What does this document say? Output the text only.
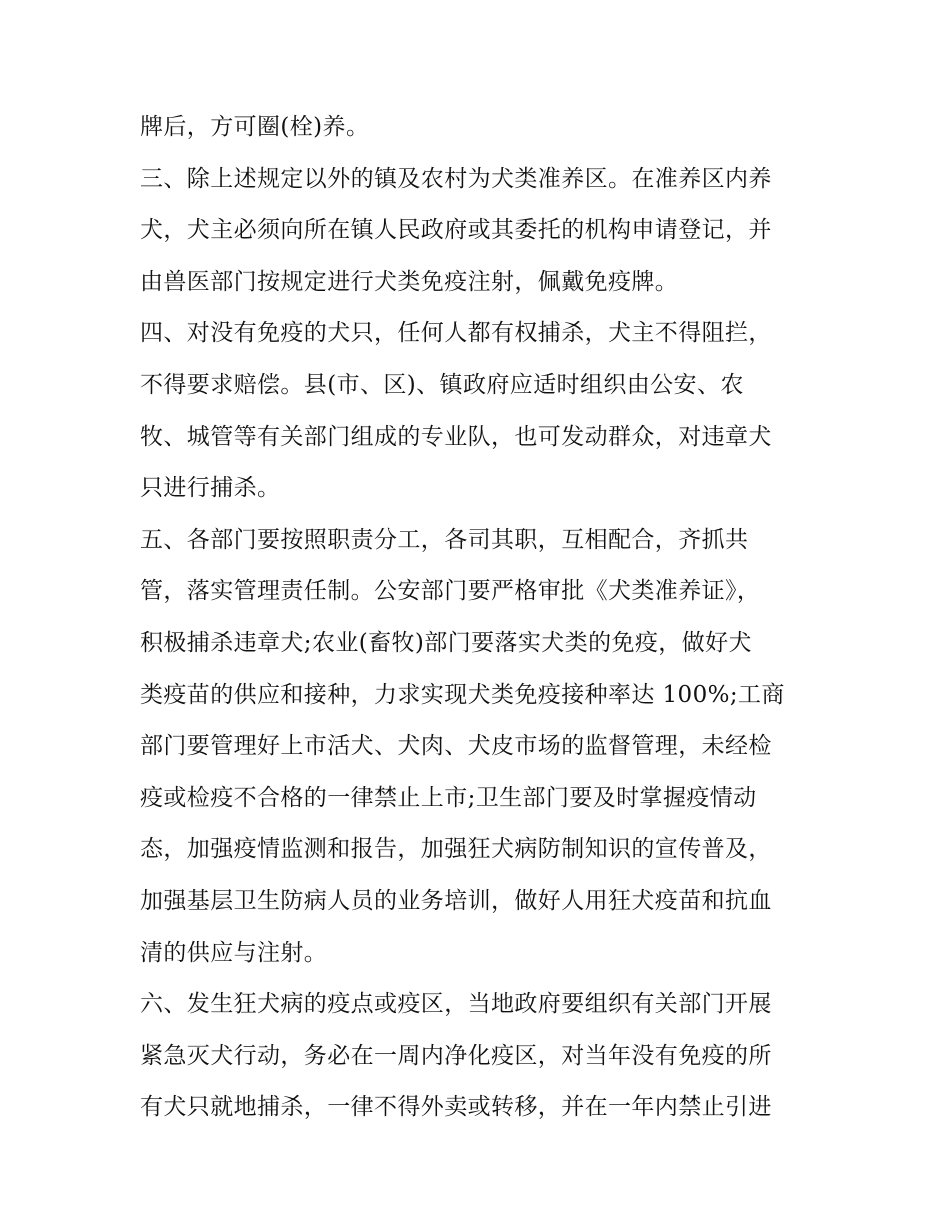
牌后，方可圈(栓)养。
三、除上述规定以外的镇及农村为犬类准养区。在准养区内养
犬，犬主必须向所在镇人民政府或其委托的机构申请登记，并
由兽医部门按规定进行犬类免疫注射，佩戴免疫牌。
四、对没有免疫的犬只，任何人都有权捕杀，犬主不得阻拦，
不得要求赔偿。县(市、区)、镇政府应适时组织由公安、农
牧、城管等有关部门组成的专业队，也可发动群众，对违章犬
只进行捕杀。
五、各部门要按照职责分工，各司其职，互相配合，齐抓共
管，落实管理责任制。公安部门要严格审批《犬类准养证》，
积极捕杀违章犬;农业(畜牧)部门要落实犬类的免疫，做好犬
类疫苗的供应和接种，力求实现犬类免疫接种率达 100%;工商
部门要管理好上市活犬、犬肉、犬皮市场的监督管理，未经检
疫或检疫不合格的一律禁止上市;卫生部门要及时掌握疫情动
态，加强疫情监测和报告，加强狂犬病防制知识的宣传普及，
加强基层卫生防病人员的业务培训，做好人用狂犬疫苗和抗血
清的供应与注射。
六、发生狂犬病的疫点或疫区，当地政府要组织有关部门开展
紧急灭犬行动，务必在一周内净化疫区，对当年没有免疫的所
有犬只就地捕杀，一律不得外卖或转移，并在一年内禁止引进
